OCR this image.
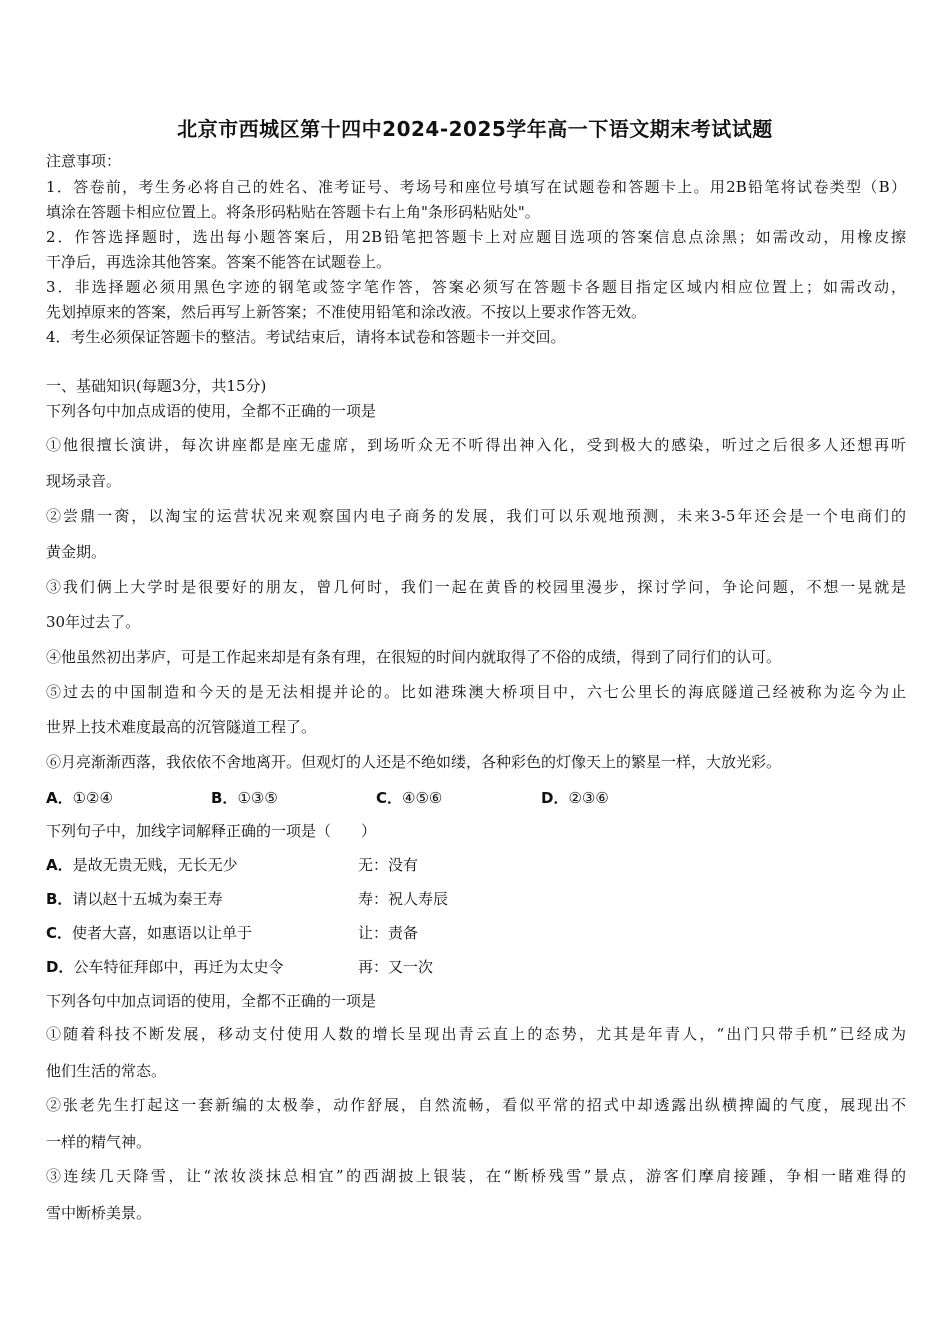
北京市西城区第十四中2024-2025学年高一下语文期末考试试题
注意事项：
1．答卷前，考生务必将自己的姓名、准考证号、考场号和座位号填写在试题卷和答题卡上。用2B铅笔将试卷类型（B）
填涂在答题卡相应位置上。将条形码粘贴在答题卡右上角"条形码粘贴处"。
2．作答选择题时，选出每小题答案后，用2B铅笔把答题卡上对应题目选项的答案信息点涂黑；如需改动，用橡皮擦
干净后，再选涂其他答案。答案不能答在试题卷上。
3．非选择题必须用黑色字迹的钢笔或签字笔作答，答案必须写在答题卡各题目指定区域内相应位置上；如需改动，
先划掉原来的答案，然后再写上新答案；不准使用铅笔和涂改液。不按以上要求作答无效。
4．考生必须保证答题卡的整洁。考试结束后，请将本试卷和答题卡一并交回。
一、基础知识(每题3分，共15分)
下列各句中加点成语的使用，全都不正确的一项是
①他很擅长演讲，每次讲座都是座无虚席，到场听众无不听得出神入化，受到极大的感染，听过之后很多人还想再听
现场录音。
②尝鼎一脔，以淘宝的运营状况来观察国内电子商务的发展，我们可以乐观地预测，未来3-5年还会是一个电商们的
黄金期。
③我们俩上大学时是很要好的朋友，曾几何时，我们一起在黄昏的校园里漫步，探讨学问，争论问题，不想一晃就是
30年过去了。
④他虽然初出茅庐，可是工作起来却是有条有理，在很短的时间内就取得了不俗的成绩，得到了同行们的认可。
⑤过去的中国制造和今天的是无法相提并论的。比如港珠澳大桥项目中，六七公里长的海底隧道己经被称为迄今为止
世界上技术难度最高的沉管隧道工程了。
⑥月亮渐渐西落，我依依不舍地离开。但观灯的人还是不绝如缕，各种彩色的灯像天上的繁星一样，大放光彩。
A．①②④	B．①③⑤	C．④⑤⑥	D．②③⑥
下列句子中，加线字词解释正确的一项是（　　）
A．是故无贵无贱，无长无少	无：没有
B．请以赵十五城为秦王寿	寿：祝人寿辰
C．使者大喜，如惠语以让单于	让：责备
D．公车特征拜郎中，再迁为太史令	再：又一次
下列各句中加点词语的使用，全都不正确的一项是
①随着科技不断发展，移动支付使用人数的增长呈现出青云直上的态势，尤其是年青人，“出门只带手机”已经成为
他们生活的常态。
②张老先生打起这一套新编的太极拳，动作舒展，自然流畅，看似平常的招式中却透露出纵横捭阖的气度，展现出不
一样的精气神。
③连续几天降雪，让“浓妆淡抹总相宜”的西湖披上银装，在“断桥残雪”景点，游客们摩肩接踵，争相一睹难得的
雪中断桥美景。
